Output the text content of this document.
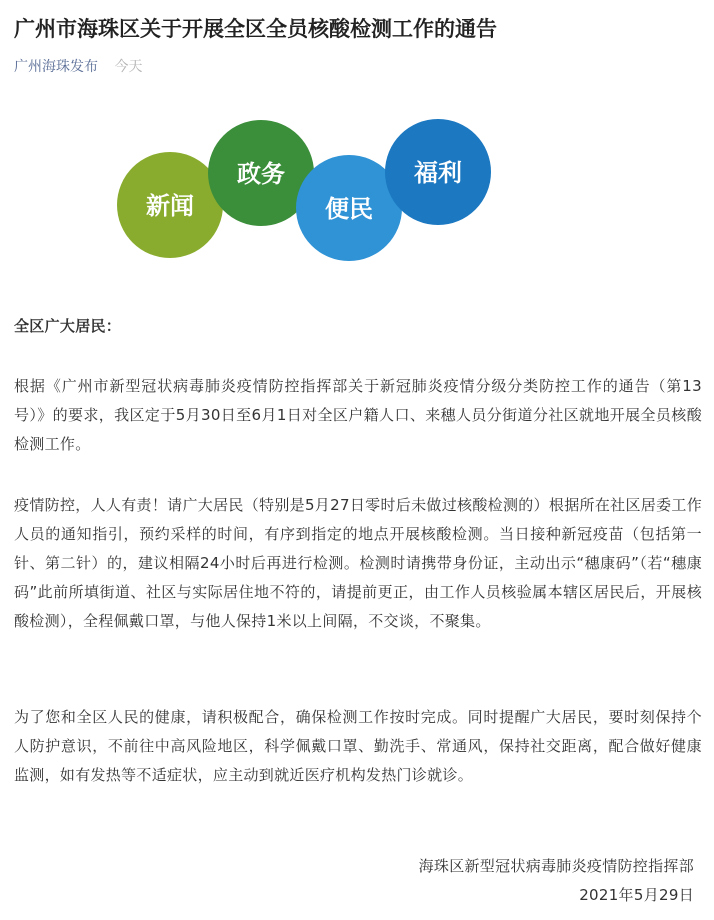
广州市海珠区关于开展全区全员核酸检测工作的通告
广州海珠发布 今天
新闻
政务
便民
福利

全区广大居民：

根据《广州市新型冠状病毒肺炎疫情防控指挥部关于新冠肺炎疫情分级分类防控工作的通告（第13号）》的要求，我区定于5月30日至6月1日对全区户籍人口、来穗人员分街道分社区就地开展全员核酸检测工作。

疫情防控，人人有责！请广大居民（特别是5月27日零时后未做过核酸检测的）根据所在社区居委工作人员的通知指引，预约采样的时间，有序到指定的地点开展核酸检测。当日接种新冠疫苗（包括第一针、第二针）的，建议相隔24小时后再进行检测。检测时请携带身份证，主动出示“穗康码”（若“穗康码”此前所填街道、社区与实际居住地不符的，请提前更正，由工作人员核验属本辖区居民后，开展核酸检测），全程佩戴口罩，与他人保持1米以上间隔，不交谈，不聚集。

为了您和全区人民的健康，请积极配合，确保检测工作按时完成。同时提醒广大居民，要时刻保持个人防护意识，不前往中高风险地区，科学佩戴口罩、勤洗手、常通风，保持社交距离，配合做好健康监测，如有发热等不适症状，应主动到就近医疗机构发热门诊就诊。

海珠区新型冠状病毒肺炎疫情防控指挥部
2021年5月29日
